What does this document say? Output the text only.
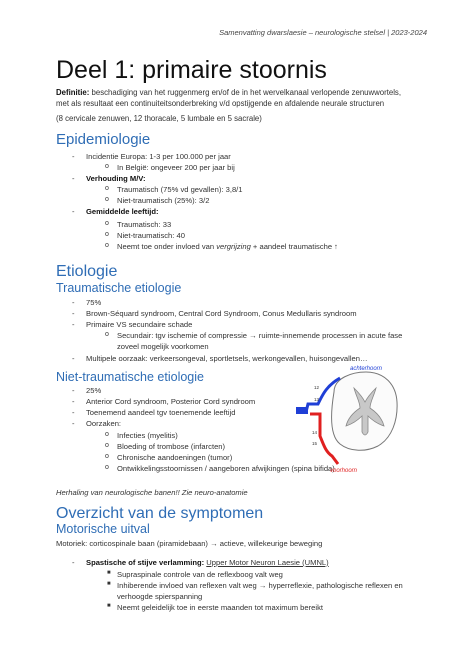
Samenvatting dwarslaesie – neurologische stelsel | 2023-2024
Deel 1: primaire stoornis
Definitie: beschadiging van het ruggenmerg en/of de in het wervelkanaal verlopende zenuwwortels,
met als resultaat een continuiteitsonderbreking v/d opstijgende en afdalende neurale structuren
(8 cervicale zenuwen, 12 thoracale, 5 lumbale en 5 sacrale)
Epidemiologie
- Incidentie Europa: 1-3 per 100.000 per jaar
o In België: ongeveer 200 per jaar bij
- Verhouding M/V:
o Traumatisch (75% vd gevallen): 3,8/1
o Niet-traumatisch (25%): 3/2
- Gemiddelde leeftijd:
o Traumatisch: 33
o Niet-traumatisch: 40
o Neemt toe onder invloed van vergrijzing + aandeel traumatische ↑
Etiologie
Traumatische etiologie
- 75%
- Brown-Séquard syndroom, Central Cord Syndroom, Conus Medullaris syndroom
- Primaire VS secundaire schade
o Secundair: tgv ischemie of compressie → ruimte-innemende processen in acute fase
zoveel mogelijk voorkomen
- Multipele oorzaak: verkeersongeval, sportletsels, werkongevallen, huisongevallen…
Niet-traumatische etiologie
- 25%
- Anterior Cord syndroom, Posterior Cord syndroom
- Toenemend aandeel tgv toenemende leeftijd
- Oorzaken:
o Infecties (myelitis)
o Bloeding of trombose (infarcten)
o Chronische aandoeningen (tumor)
o Ontwikkelingsstoornissen / aangeboren afwijkingen (spina bifida)
Herhaling van neurologische banen!! Zie neuro-anatomie
achterhoorn
voorhoorn
12
13
14
15
Overzicht van de symptomen
Motorische uitval
Motoriek: corticospinale baan (piramidebaan) → actieve, willekeurige beweging
- Spastische of stijve verlamming: Upper Motor Neuron Laesie (UMNL)
■ Supraspinale controle van de reflexboog valt weg
■ Inhiberende invloed van reflexen valt weg → hyperreflexie, pathologische reflexen en
verhoogde spierspanning
■ Neemt geleidelijk toe in eerste maanden tot maximum bereikt
